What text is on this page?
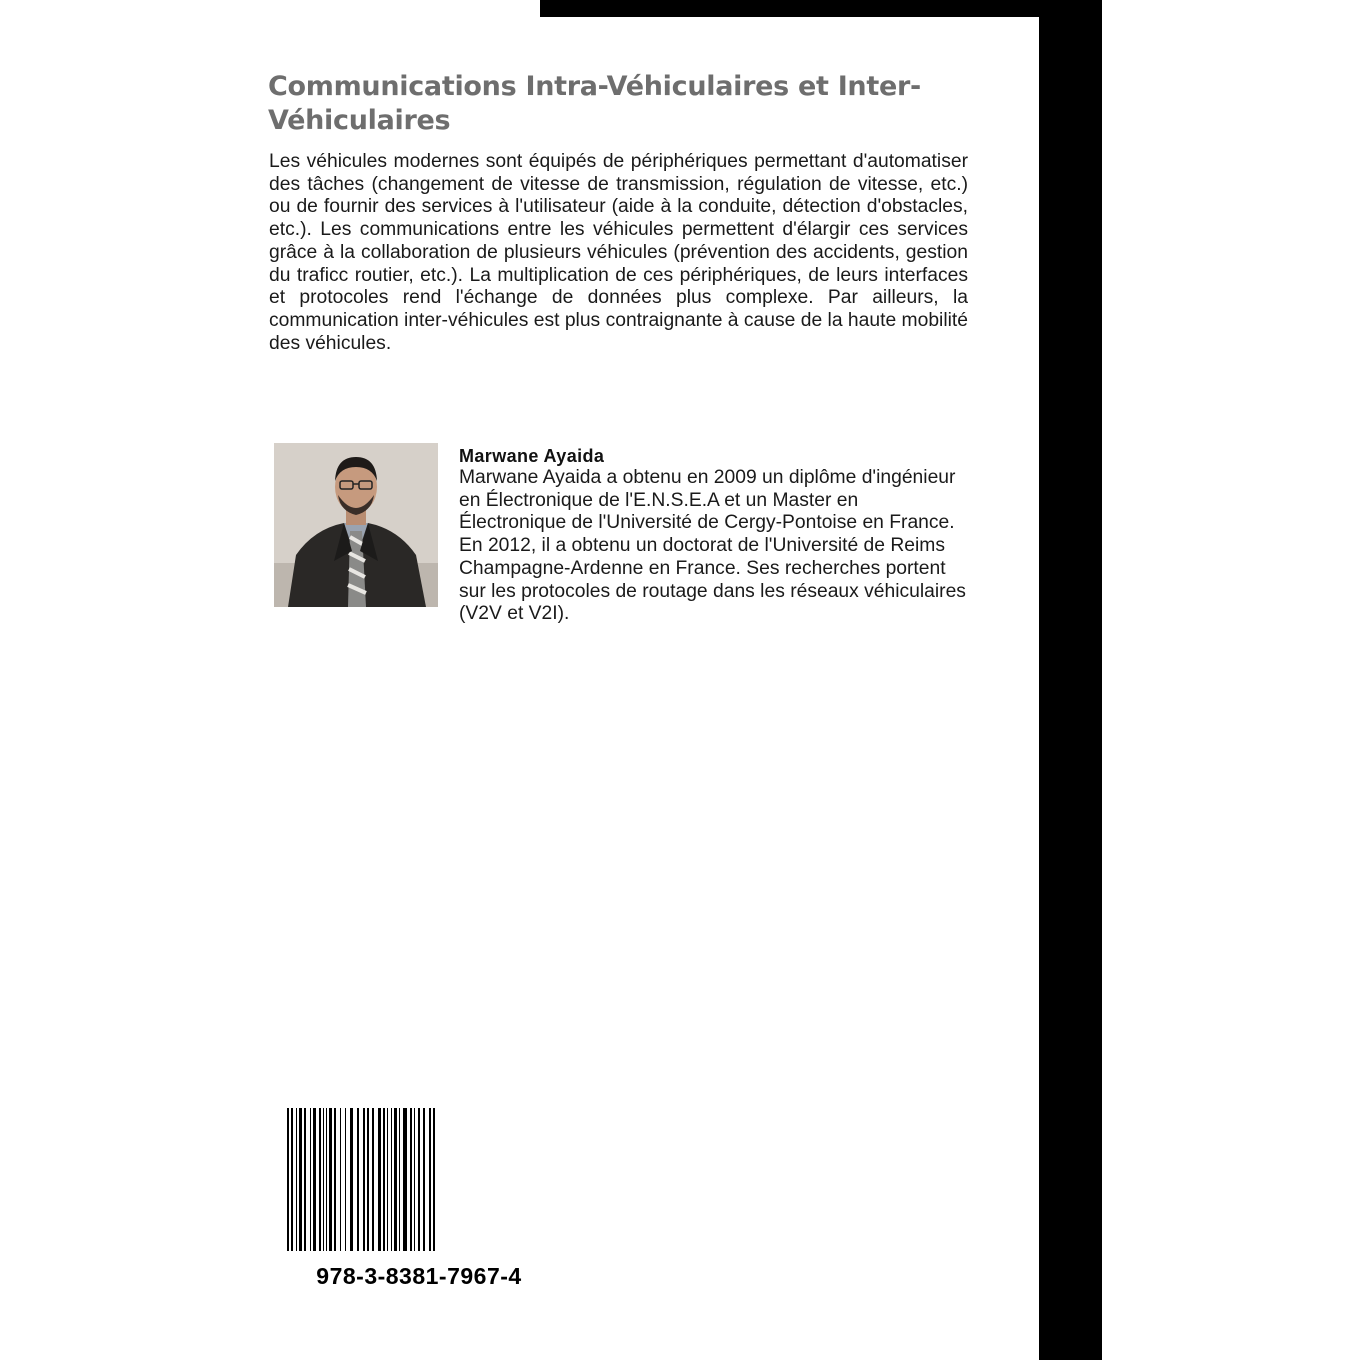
Communications Intra-Véhiculaires et Inter-Véhiculaires

Les véhicules modernes sont équipés de périphériques permettant d'automatiser des tâches (changement de vitesse de transmission, régulation de vitesse, etc.) ou de fournir des services à l'utilisateur (aide à la conduite, détection d'obstacles, etc.). Les communications entre les véhicules permettent d'élargir ces services grâce à la collaboration de plusieurs véhicules (prévention des accidents, gestion du traficc routier, etc.). La multiplication de ces périphériques, de leurs interfaces et protocoles rend l'échange de données plus complexe. Par ailleurs, la communication inter-véhicules est plus contraignante à cause de la haute mobilité des véhicules.

Marwane Ayaida

Marwane Ayaida a obtenu en 2009 un diplôme d'ingénieur en Électronique de l'E.N.S.E.A et un Master en Électronique de l'Université de Cergy-Pontoise en France. En 2012, il a obtenu un doctorat de l'Université de Reims Champagne-Ardenne en France. Ses recherches portent sur les protocoles de routage dans les réseaux véhiculaires (V2V et V2I).

978-3-8381-7967-4
